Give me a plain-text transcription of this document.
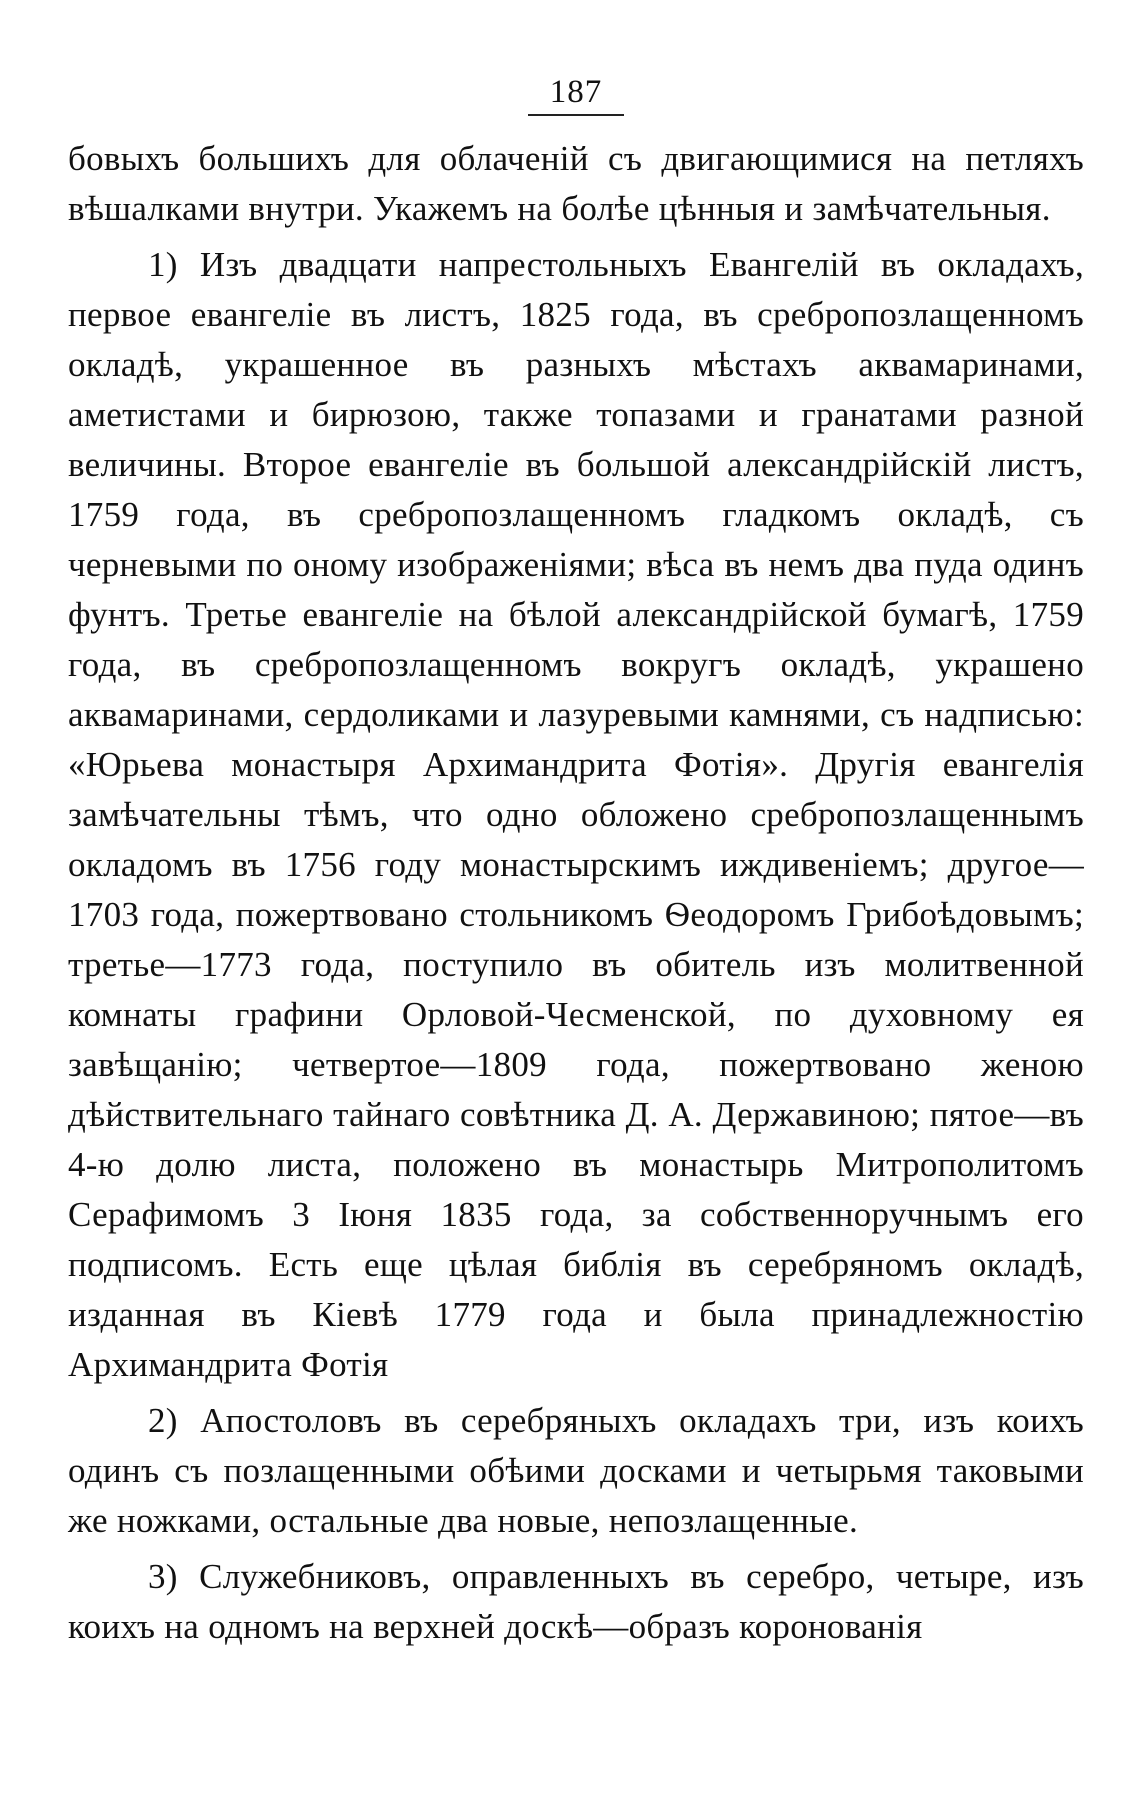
187

бовыхъ большихъ для облаченій съ двигающимися на петляхъ вѣшалками внутри. Укажемъ на болѣе цѣнныя и замѣчательныя.

1) Изъ двадцати напрестольныхъ Евангелій въ окладахъ, первое евангеліе въ листъ, 1825 года, въ сребропозлащенномъ окладѣ, украшенное въ разныхъ мѣстахъ аквамаринами, аметистами и бирюзою, также топазами и гранатами разной величины. Второе евангеліе въ большой александрійскій листъ, 1759 года, въ сребропозлащенномъ гладкомъ окладѣ, съ черневыми по оному изображеніями; вѣса въ немъ два пуда одинъ фунтъ. Третье евангеліе на бѣлой александрійской бумагѣ, 1759 года, въ сребропозлащенномъ вокругъ окладѣ, украшено аквамаринами, сердоликами и лазуревыми камнями, съ надписью: «Юрьева монастыря Архимандрита Фотія». Другія евангелія замѣчательны тѣмъ, что одно обложено сребропозлащеннымъ окладомъ въ 1756 году монастырскимъ иждивеніемъ; другое—1703 года, пожертвовано стольникомъ Ѳеодоромъ Грибоѣдовымъ; третье—1773 года, поступило въ обитель изъ молитвенной комнаты графини Орловой-Чесменской, по духовному ея завѣщанію; четвертое—1809 года, пожертвовано женою дѣйствительнаго тайнаго совѣтника Д. А. Державиною; пятое—въ 4-ю долю листа, положено въ монастырь Митрополитомъ Серафимомъ 3 Іюня 1835 года, за собственноручнымъ его подписомъ. Есть еще цѣлая библія въ серебряномъ окладѣ, изданная въ Кіевѣ 1779 года и была принадлежностію Архимандрита Фотія

2) Апостоловъ въ серебряныхъ окладахъ три, изъ коихъ одинъ съ позлащенными обѣими досками и четырьмя таковыми же ножками, остальные два новые, непозлащенные.

3) Служебниковъ, оправленныхъ въ серебро, четыре, изъ коихъ на одномъ на верхней доскѣ—образъ коронованія
